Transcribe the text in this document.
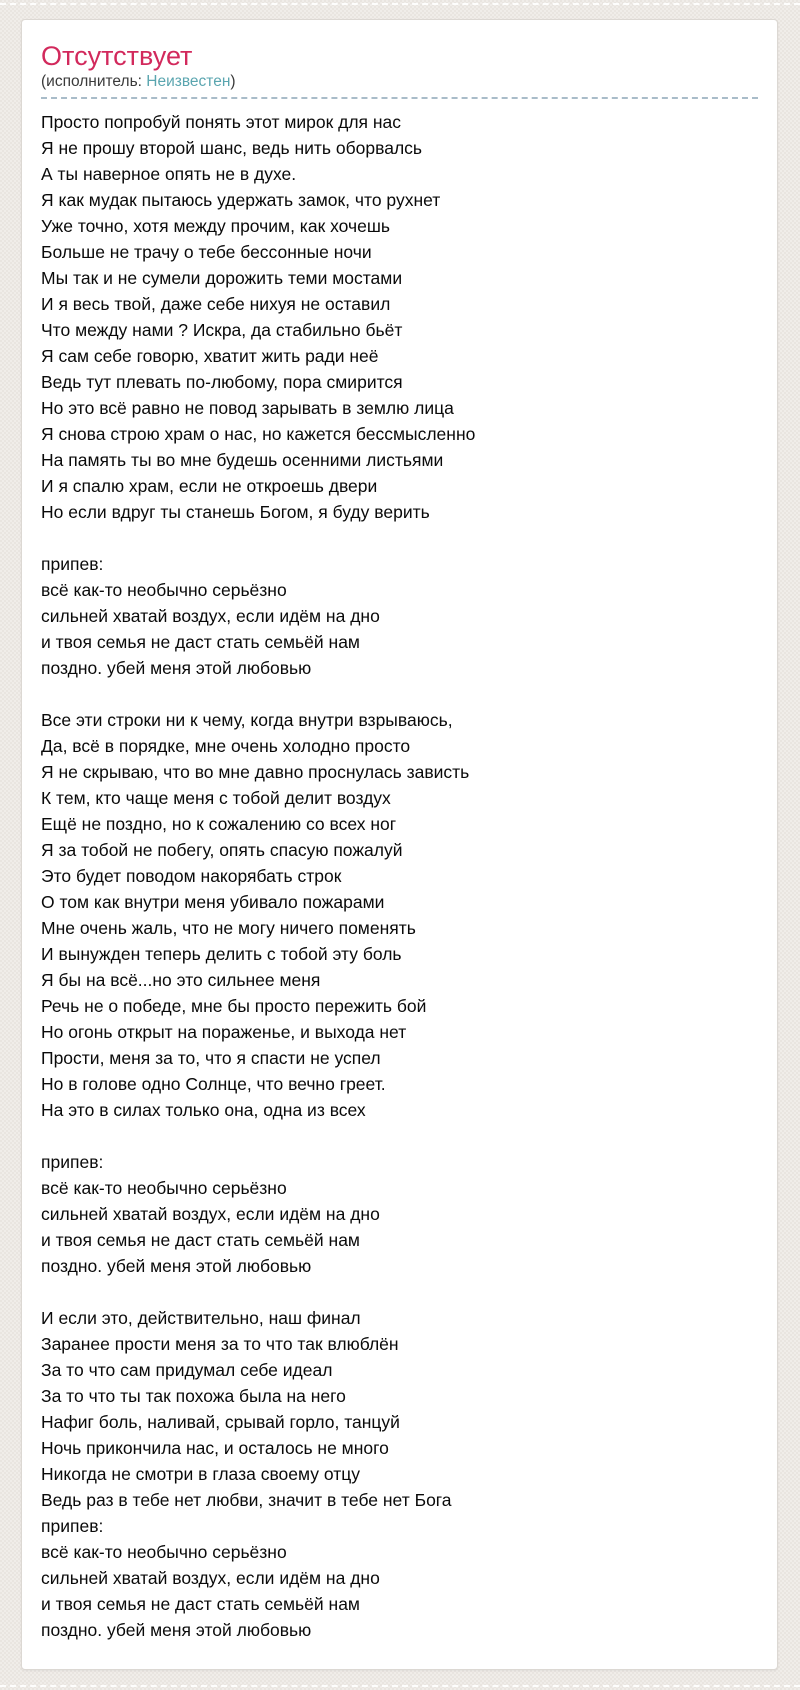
Отсутствует
(исполнитель: Неизвестен)
Просто попробуй понять этот мирок для нас
Я не прошу второй шанс, ведь нить оборвалсь
А ты наверное опять не в духе.
Я как мудак пытаюсь удержать замок, что рухнет
Уже точно, хотя между прочим, как хочешь
Больше не трачу о тебе бессонные ночи
Мы так и не сумели дорожить теми мостами
И я весь твой, даже себе нихуя не оставил
Что между нами ? Искра, да стабильно бьёт
Я сам себе говорю, хватит жить ради неё
Ведь тут плевать по-любому, пора смирится
Но это всё равно не повод зарывать в землю лица
Я снова строю храм о нас, но кажется бессмысленно
На память ты во мне будешь осенними листьями
И я спалю храм, если не откроешь двери
Но если вдруг ты станешь Богом, я буду верить
припев:
всё как-то необычно серьёзно
сильней хватай воздух, если идём на дно
и твоя семья не даст стать семьёй нам
поздно. убей меня этой любовью
Все эти строки ни к чему, когда внутри взрываюсь,
Да, всё в порядке, мне очень холодно просто
Я не скрываю, что во мне давно проснулась зависть
К тем, кто чаще меня с тобой делит воздух
Ещё не поздно, но к сожалению со всех ног
Я за тобой не побегу, опять спасую пожалуй
Это будет поводом накорябать строк
О том как внутри меня убивало пожарами
Мне очень жаль, что не могу ничего поменять
И вынужден теперь делить с тобой эту боль
Я бы на всё...но это сильнее меня
Речь не о победе, мне бы просто пережить бой
Но огонь открыт на пораженье, и выхода нет
Прости, меня за то, что я спасти не успел
Но в голове одно Солнце, что вечно греет.
На это в силах только она, одна из всех
припев:
всё как-то необычно серьёзно
сильней хватай воздух, если идём на дно
и твоя семья не даст стать семьёй нам
поздно. убей меня этой любовью
И если это, действительно, наш финал
Заранее прости меня за то что так влюблён
За то что сам придумал себе идеал
За то что ты так похожа была на него
Нафиг боль, наливай, срывай горло, танцуй
Ночь прикончила нас, и осталось не много
Никогда не смотри в глаза своему отцу
Ведь раз в тебе нет любви, значит в тебе нет Бога
припев:
всё как-то необычно серьёзно
сильней хватай воздух, если идём на дно
и твоя семья не даст стать семьёй нам
поздно. убей меня этой любовью
